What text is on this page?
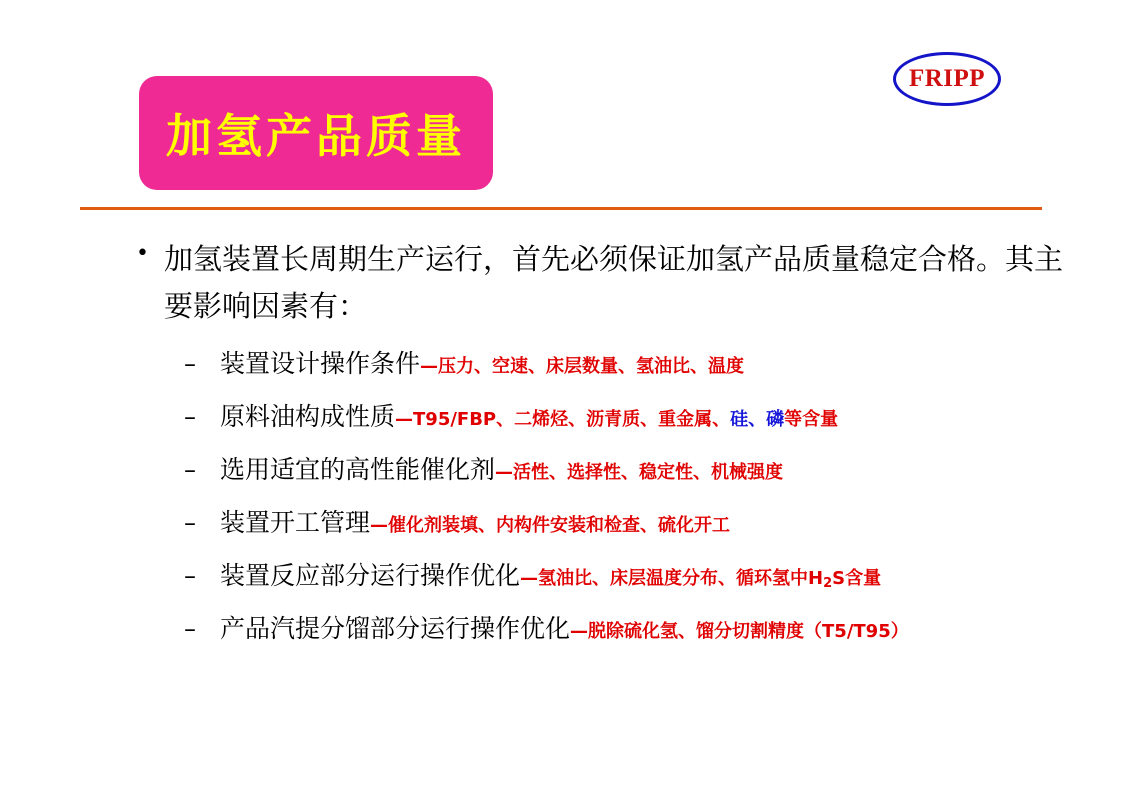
FRIPP
加氢产品质量
• 加氢装置长周期生产运行，首先必须保证加氢产品质量稳定合格。其主要影响因素有：
– 装置设计操作条件 —压力、空速、床层数量、氢油比、温度
– 原料油构成性质 —T95/FBP、二烯烃、沥青质、重金属、硅、磷等含量
– 选用适宜的高性能催化剂 —活性、选择性、稳定性、机械强度
– 装置开工管理 —催化剂装填、内构件安装和检查、硫化开工
– 装置反应部分运行操作优化 —氢油比、床层温度分布、循环氢中$H_2S$含量
– 产品汽提分馏部分运行操作优化 —脱除硫化氢、馏分切割精度（T5/T95）
